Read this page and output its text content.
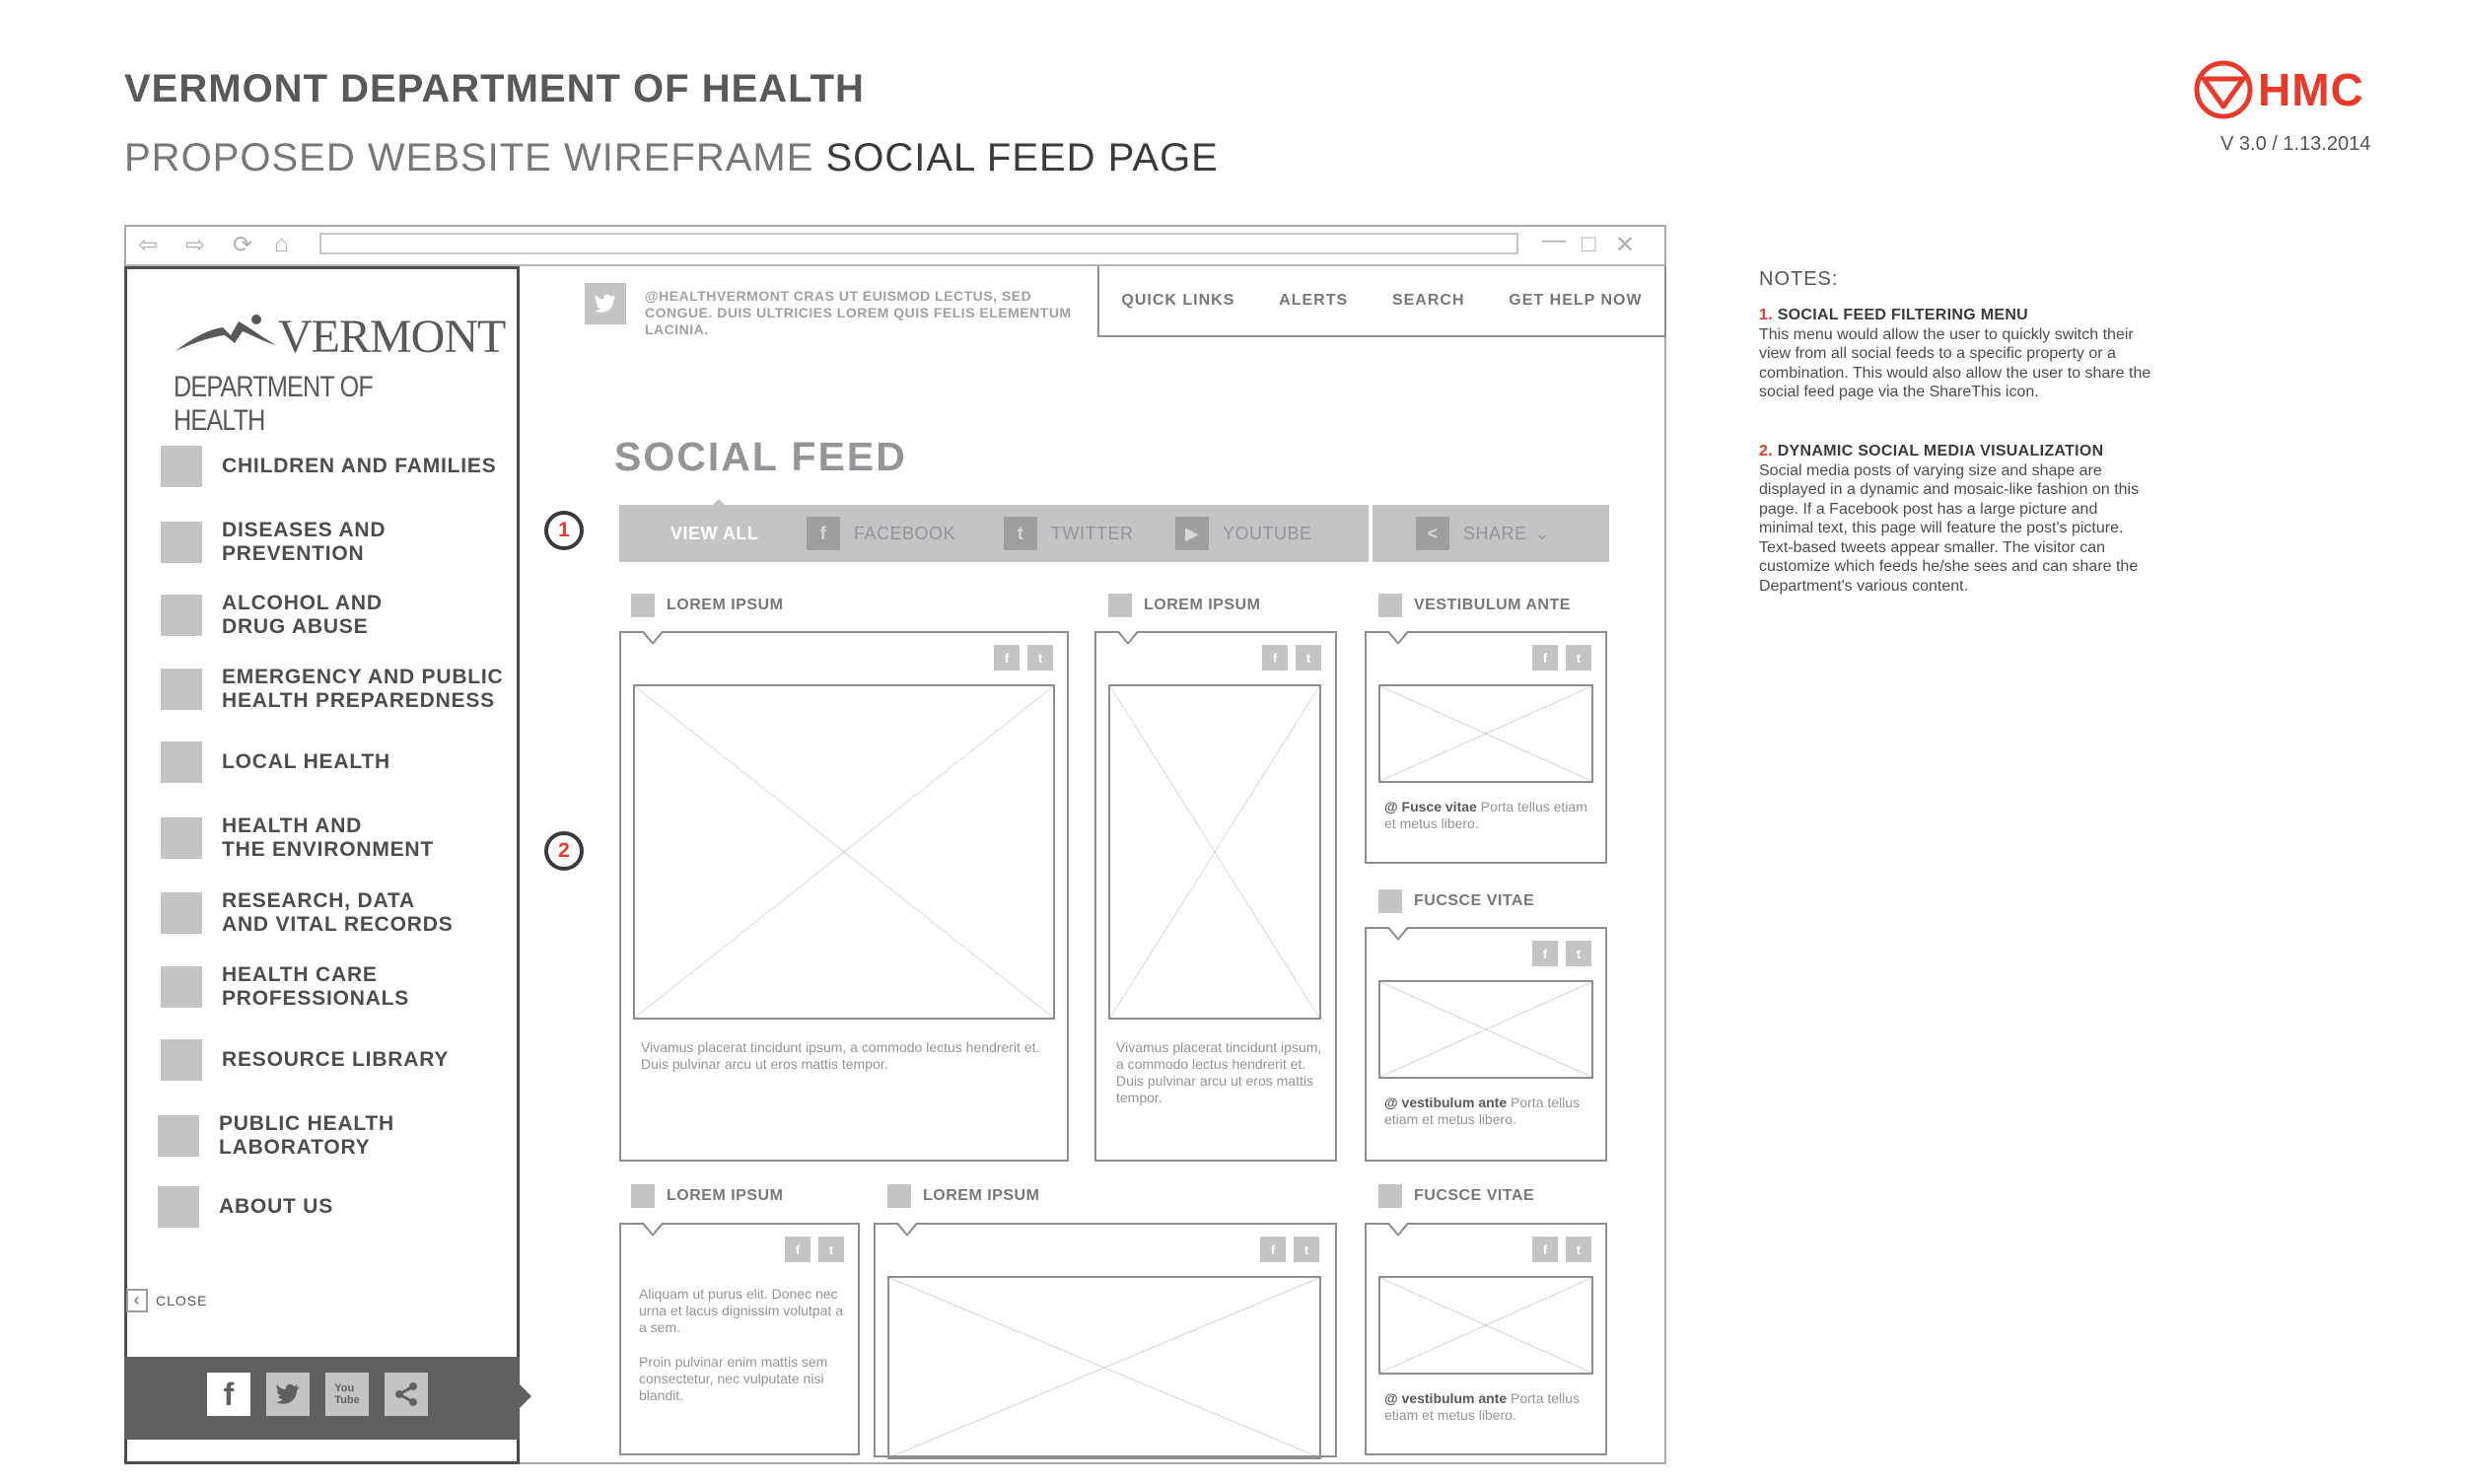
VERMONT DEPARTMENT OF HEALTH
PROPOSED WEBSITE WIREFRAME SOCIAL FEED PAGE
HMC
V 3.0 / 1.13.2014
⇦ ⇨ ⟳ ⌂	— □ ✕
VERMONT
DEPARTMENT OF HEALTH
CHILDREN AND FAMILIES
DISEASES AND PREVENTION
ALCOHOL AND
DRUG ABUSE
EMERGENCY AND PUBLIC
HEALTH PREPAREDNESS
LOCAL HEALTH
HEALTH AND
THE ENVIRONMENT
RESEARCH, DATA
AND VITAL RECORDS
HEALTH CARE
PROFESSIONALS
RESOURCE LIBRARY
PUBLIC HEALTH
LABORATORY
ABOUT US
‹	CLOSE
f	You
Tube
@HEALTHVERMONT CRAS UT EUISMOD LECTUS, SED CONGUE. DUIS ULTRICIES LOREM QUIS FELIS ELEMENTUM LACINIA.
QUICK LINKS	ALERTS	SEARCH	GET HELP NOW
SOCIAL FEED
1
2
VIEW ALL	f	FACEBOOK	t	TWITTER	▶	YOUTUBE	<	SHARE ⌄
LOREM IPSUM
f	t
Vivamus placerat tincidunt ipsum, a commodo lectus hendrerit et. Duis pulvinar arcu ut eros mattis tempor.
LOREM IPSUM
f	t
Vivamus placerat tincidunt ipsum, a commodo lectus hendrerit et. Duis pulvinar arcu ut eros mattis tempor.
VESTIBULUM ANTE
f	t
@ Fusce vitae Porta tellus etiam et metus libero.
FUCSCE VITAE
f	t
@ vestibulum ante Porta tellus etiam et metus libero.
LOREM IPSUM
f	t
Aliquam ut purus elit. Donec nec urna et lacus dignissim volutpat a a sem.
Proin pulvinar enim mattis sem consectetur, nec vulputate nisi blandit.
LOREM IPSUM
f	t
FUCSCE VITAE
f	t
@ vestibulum ante Porta tellus etiam et metus libero.
NOTES:
1. SOCIAL FEED FILTERING MENU
This menu would allow the user to quickly switch their view from all social feeds to a specific property or a combination. This would also allow the user to share the social feed page via the ShareThis icon.
2. DYNAMIC SOCIAL MEDIA VISUALIZATION
Social media posts of varying size and shape are displayed in a dynamic and mosaic-like fashion on this page. If a Facebook post has a large picture and minimal text, this page will feature the post's picture. Text-based tweets appear smaller. The visitor can customize which feeds he/she sees and can share the Department's various content.
